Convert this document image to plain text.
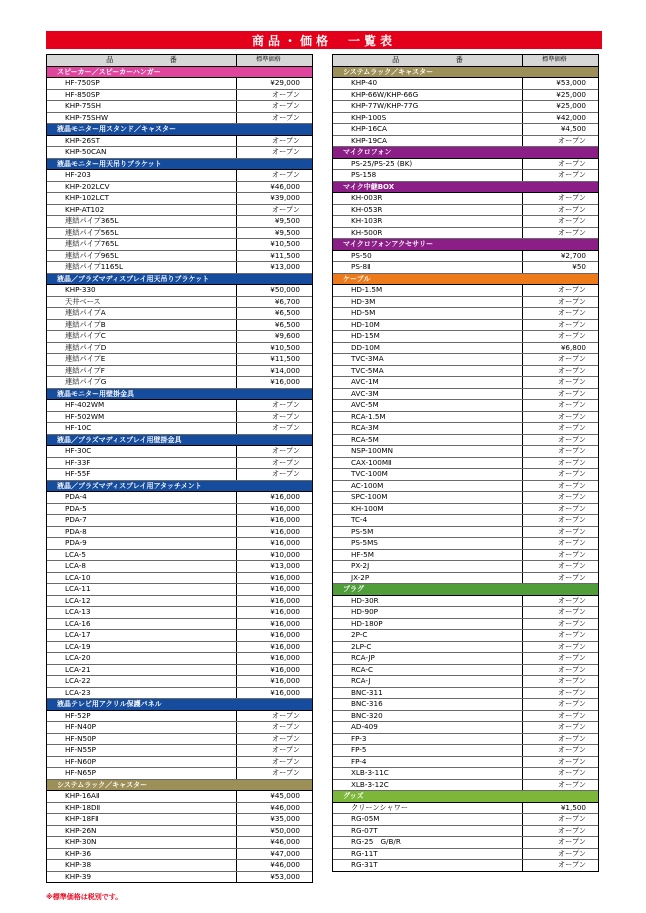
商品・価格　一覧表
品　　番	標準価格
スピーカー／スピーカーハンガー
HF-750SP	¥29,000
HF-850SP	オープン
KHP-75SH	オープン
KHP-75SHW	オープン
液晶モニター用スタンド／キャスター
KHP-26ST	オープン
KHP-50CAN	オープン
液晶モニター用天吊りブラケット
HF-203	オープン
KHP-202LCV	¥46,000
KHP-102LCT	¥39,000
KHP-AT102	オープン
連結パイプ365L	¥9,500
連結パイプ565L	¥9,500
連結パイプ765L	¥10,500
連結パイプ965L	¥11,500
連結パイプ1165L	¥13,000
液晶／プラズマディスプレイ用天吊りブラケット
KHP-330	¥50,000
天井ベース	¥6,700
連結パイプA	¥6,500
連結パイプB	¥6,500
連結パイプC	¥9,600
連結パイプD	¥10,500
連結パイプE	¥11,500
連結パイプF	¥14,000
連結パイプG	¥16,000
液晶モニター用壁掛金具
HF-402WM	オープン
HF-502WM	オープン
HF-10C	オープン
液晶／プラズマディスプレイ用壁掛金具
HF-30C	オープン
HF-33F	オープン
HF-55F	オープン
液晶／プラズマディスプレイ用アタッチメント
PDA-4	¥16,000
PDA-5	¥16,000
PDA-7	¥16,000
PDA-8	¥16,000
PDA-9	¥16,000
LCA-5	¥10,000
LCA-8	¥13,000
LCA-10	¥16,000
LCA-11	¥16,000
LCA-12	¥16,000
LCA-13	¥16,000
LCA-16	¥16,000
LCA-17	¥16,000
LCA-19	¥16,000
LCA-20	¥16,000
LCA-21	¥16,000
LCA-22	¥16,000
LCA-23	¥16,000
液晶テレビ用アクリル保護パネル
HF-52P	オープン
HF-N40P	オープン
HF-N50P	オープン
HF-N55P	オープン
HF-N60P	オープン
HF-N65P	オープン
システムラック／キャスター
KHP-16AⅡ	¥45,000
KHP-18DⅡ	¥46,000
KHP-18FⅡ	¥35,000
KHP-26N	¥50,000
KHP-30N	¥46,000
KHP-36	¥47,000
KHP-38	¥46,000
KHP-39	¥53,000
品　　番	標準価格
システムラック／キャスター
KHP-40	¥53,000
KHP-66W/KHP-66G	¥25,000
KHP-77W/KHP-77G	¥25,000
KHP-100S	¥42,000
KHP-16CA	¥4,500
KHP-19CA	オープン
マイクロフォン
PS-25/PS-25 (BK)	オープン
PS-158	オープン
マイク中継BOX
KH-003R	オープン
KH-053R	オープン
KH-103R	オープン
KH-500R	オープン
マイクロフォンアクセサリー
PS-50	¥2,700
PS-8Ⅱ	¥50
ケーブル
HD-1.5M	オープン
HD-3M	オープン
HD-5M	オープン
HD-10M	オープン
HD-15M	オープン
DD-10M	¥6,800
TVC-3MA	オープン
TVC-5MA	オープン
AVC-1M	オープン
AVC-3M	オープン
AVC-5M	オープン
RCA-1.5M	オープン
RCA-3M	オープン
RCA-5M	オープン
NSP-100MN	オープン
CAX-100MⅡ	オープン
TVC-100M	オープン
AC-100M	オープン
SPC-100M	オープン
KH-100M	オープン
TC-4	オープン
PS-5M	オープン
PS-5MS	オープン
HF-5M	オープン
PX-2J	オープン
JX-2P	オープン
プラグ
HD-30R	オープン
HD-90P	オープン
HD-180P	オープン
2P-C	オープン
2LP-C	オープン
RCA-JP	オープン
RCA-C	オープン
RCA-J	オープン
BNC-311	オープン
BNC-316	オープン
BNC-320	オープン
AD-409	オープン
FP-3	オープン
FP-5	オープン
FP-4	オープン
XLB-3-11C	オープン
XLB-3-12C	オープン
グッズ
クリーンシャワー	¥1,500
RG-05M	オープン
RG-07T	オープン
RG-25　G/B/R	オープン
RG-11T	オープン
RG-31T	オープン
※標準価格は税別です。
